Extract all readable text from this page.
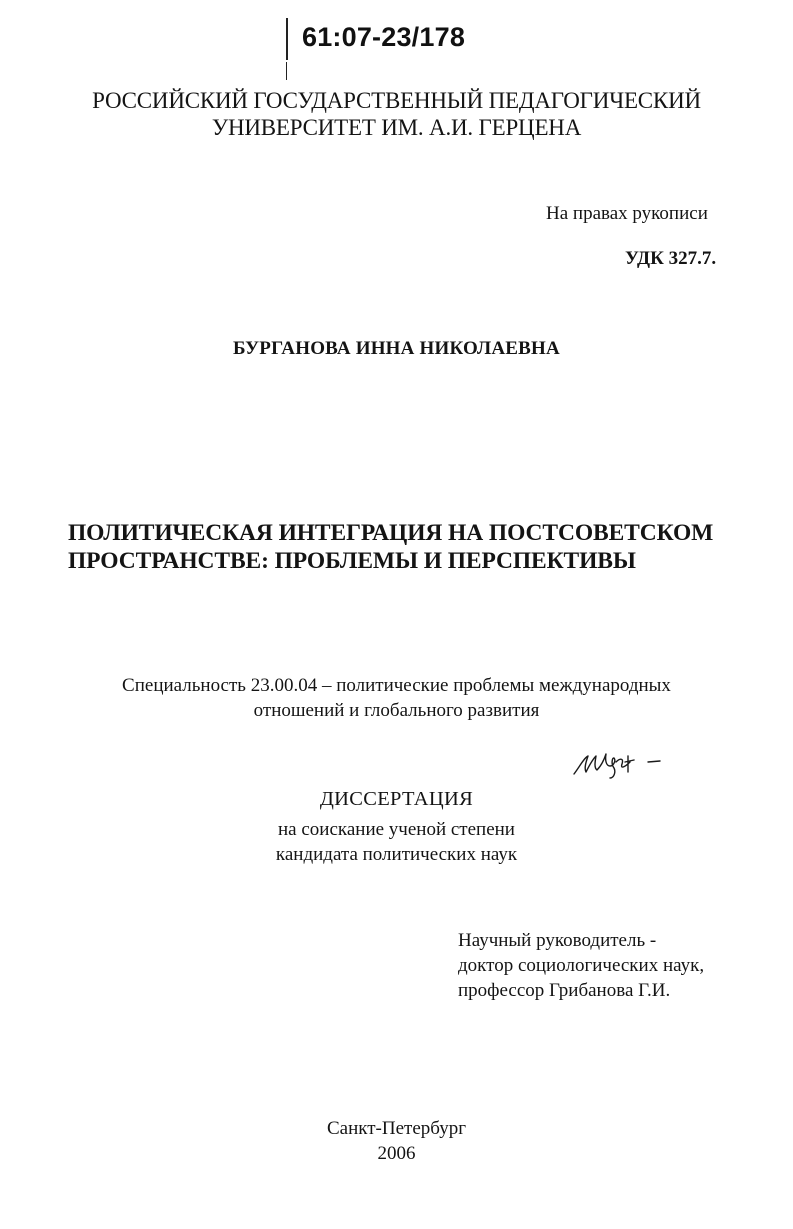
61:07-23/178
РОССИЙСКИЙ ГОСУДАРСТВЕННЫЙ ПЕДАГОГИЧЕСКИЙ
УНИВЕРСИТЕТ ИМ. А.И. ГЕРЦЕНА
На правах рукописи
УДК 327.7.
БУРГАНОВА ИННА НИКОЛАЕВНА
ПОЛИТИЧЕСКАЯ ИНТЕГРАЦИЯ НА ПОСТСОВЕТСКОМ
ПРОСТРАНСТВЕ: ПРОБЛЕМЫ И ПЕРСПЕКТИВЫ
Специальность 23.00.04 – политические проблемы международных
отношений и глобального развития
ДИССЕРТАЦИЯ
на соискание ученой степени
кандидата политических наук
Научный руководитель -
доктор социологических наук,
профессор Грибанова Г.И.
Санкт-Петербург
2006
